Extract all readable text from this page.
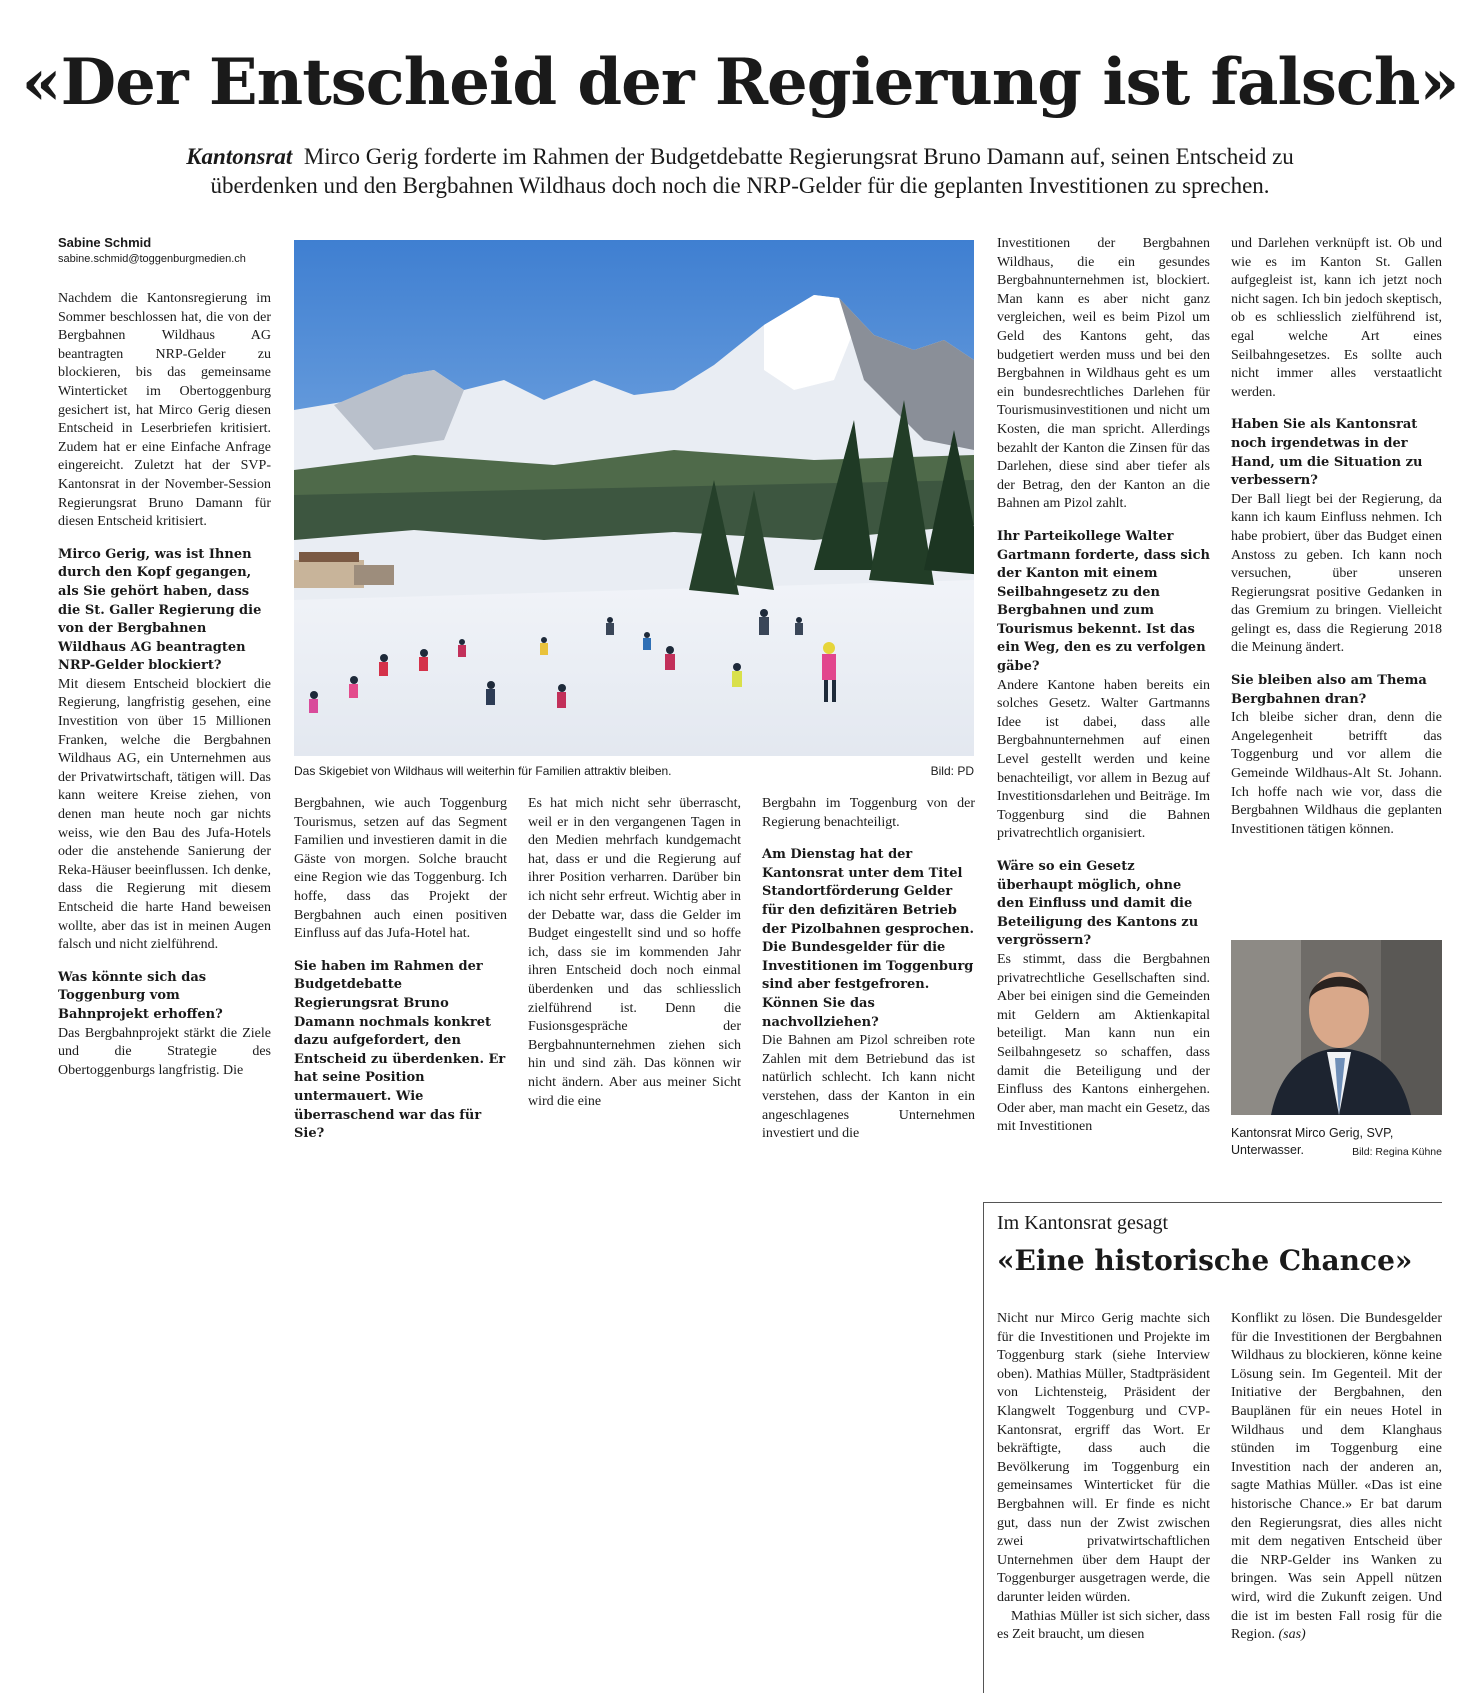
«Der Entscheid der Regierung ist falsch»

Kantonsrat Mirco Gerig forderte im Rahmen der Budgetdebatte Regierungsrat Bruno Damann auf, seinen Entscheid zu überdenken und den Bergbahnen Wildhaus doch noch die NRP-Gelder für die geplanten Investitionen zu sprechen.

Sabine Schmid
sabine.schmid@toggenburgmedien.ch

Nachdem die Kantonsregierung im Sommer beschlossen hat, die von der Bergbahnen Wildhaus AG beantragten NRP-Gelder zu blockieren, bis das gemeinsame Winterticket im Obertoggenburg gesichert ist, hat Mirco Gerig diesen Entscheid in Leserbriefen kritisiert. Zudem hat er eine Einfache Anfrage eingereicht. Zuletzt hat der SVP-Kantonsrat in der November-Session Regierungsrat Bruno Damann für diesen Entscheid kritisiert.

Mirco Gerig, was ist Ihnen durch den Kopf gegangen, als Sie gehört haben, dass die St. Galler Regierung die von der Bergbahnen Wildhaus AG beantragten NRP-Gelder blockiert?

Mit diesem Entscheid blockiert die Regierung, langfristig gesehen, eine Investition von über 15 Millionen Franken, welche die Bergbahnen Wildhaus AG, ein Unternehmen aus der Privatwirtschaft, tätigen will. Das kann weitere Kreise ziehen, von denen man heute noch gar nichts weiss, wie den Bau des Jufa-Hotels oder die anstehende Sanierung der Reka-Häuser beeinflussen. Ich denke, dass die Regierung mit diesem Entscheid die harte Hand beweisen wollte, aber das ist in meinen Augen falsch und nicht zielführend.

Was könnte sich das Toggenburg vom Bahnprojekt erhoffen?

Das Bergbahnprojekt stärkt die Ziele und die Strategie des Obertoggenburgs langfristig. Die

Das Skigebiet von Wildhaus will weiterhin für Familien attraktiv bleiben.	Bild: PD

Bergbahnen, wie auch Toggenburg Tourismus, setzen auf das Segment Familien und investieren damit in die Gäste von morgen. Solche braucht eine Region wie das Toggenburg. Ich hoffe, dass das Projekt der Bergbahnen auch einen positiven Einfluss auf das Jufa-Hotel hat.

Sie haben im Rahmen der Budgetdebatte Regierungsrat Bruno Damann nochmals konkret dazu aufgefordert, den Entscheid zu überdenken. Er hat seine Position untermauert. Wie überraschend war das für Sie?

Es hat mich nicht sehr überrascht, weil er in den vergangenen Tagen in den Medien mehrfach kundgemacht hat, dass er und die Regierung auf ihrer Position verharren. Darüber bin ich nicht sehr erfreut. Wichtig aber in der Debatte war, dass die Gelder im Budget eingestellt sind und so hoffe ich, dass sie im kommenden Jahr ihren Entscheid doch noch einmal überdenken und das schliesslich zielführend ist. Denn die Fusionsgespräche der Bergbahnunternehmen ziehen sich hin und sind zäh. Das können wir nicht ändern. Aber aus meiner Sicht wird die eine

Bergbahn im Toggenburg von der Regierung benachteiligt.

Am Dienstag hat der Kantonsrat unter dem Titel Standortförderung Gelder für den defizitären Betrieb der Pizolbahnen gesprochen. Die Bundesgelder für die Investitionen im Toggenburg sind aber festgefroren. Können Sie das nachvollziehen?

Die Bahnen am Pizol schreiben rote Zahlen mit dem Betriebund das ist natürlich schlecht. Ich kann nicht verstehen, dass der Kanton in ein angeschlagenes Unternehmen investiert und die

Investitionen der Bergbahnen Wildhaus, die ein gesundes Bergbahnunternehmen ist, blockiert. Man kann es aber nicht ganz vergleichen, weil es beim Pizol um Geld des Kantons geht, das budgetiert werden muss und bei den Bergbahnen in Wildhaus geht es um ein bundesrechtliches Darlehen für Tourismusinvestitionen und nicht um Kosten, die man spricht. Allerdings bezahlt der Kanton die Zinsen für das Darlehen, diese sind aber tiefer als der Betrag, den der Kanton an die Bahnen am Pizol zahlt.

Ihr Parteikollege Walter Gartmann forderte, dass sich der Kanton mit einem Seilbahngesetz zu den Bergbahnen und zum Tourismus bekennt. Ist das ein Weg, den es zu verfolgen gäbe?

Andere Kantone haben bereits ein solches Gesetz. Walter Gartmanns Idee ist dabei, dass alle Bergbahnunternehmen auf einen Level gestellt werden und keine benachteiligt, vor allem in Bezug auf Investitionsdarlehen und Beiträge. Im Toggenburg sind die Bahnen privatrechtlich organisiert.

Wäre so ein Gesetz überhaupt möglich, ohne den Einfluss und damit die Beteiligung des Kantons zu vergrössern?

Es stimmt, dass die Bergbahnen privatrechtliche Gesellschaften sind. Aber bei einigen sind die Gemeinden mit Geldern am Aktienkapital beteiligt. Man kann nun ein Seilbahngesetz so schaffen, dass damit die Beteiligung und der Einfluss des Kantons einhergehen. Oder aber, man macht ein Gesetz, das mit Investitionen

und Darlehen verknüpft ist. Ob und wie es im Kanton St. Gallen aufgegleist ist, kann ich jetzt noch nicht sagen. Ich bin jedoch skeptisch, ob es schliesslich zielführend ist, egal welche Art eines Seilbahngesetzes. Es sollte auch nicht immer alles verstaatlicht werden.

Haben Sie als Kantonsrat noch irgendetwas in der Hand, um die Situation zu verbessern?

Der Ball liegt bei der Regierung, da kann ich kaum Einfluss nehmen. Ich habe probiert, über das Budget einen Anstoss zu geben. Ich kann noch versuchen, über unseren Regierungsrat positive Gedanken in das Gremium zu bringen. Vielleicht gelingt es, dass die Regierung 2018 die Meinung ändert.

Sie bleiben also am Thema Bergbahnen dran?

Ich bleibe sicher dran, denn die Angelegenheit betrifft das Toggenburg und vor allem die Gemeinde Wildhaus-Alt St. Johann. Ich hoffe nach wie vor, dass die Bergbahnen Wildhaus die geplanten Investitionen tätigen können.

Kantonsrat Mirco Gerig, SVP, Unterwasser.	Bild: Regina Kühne
Im Kantonsrat gesagt
«Eine historische Chance»

Nicht nur Mirco Gerig machte sich für die Investitionen und Projekte im Toggenburg stark (siehe Interview oben). Mathias Müller, Stadtpräsident von Lichtensteig, Präsident der Klangwelt Toggenburg und CVP-Kantonsrat, ergriff das Wort. Er bekräftigte, dass auch die Bevölkerung im Toggenburg ein gemeinsames Winterticket für die Bergbahnen will. Er finde es nicht gut, dass nun der Zwist zwischen zwei privatwirtschaftlichen Unternehmen über dem Haupt der Toggenburger ausgetragen werde, die darunter leiden würden.

Mathias Müller ist sich sicher, dass es Zeit braucht, um diesen

Konflikt zu lösen. Die Bundesgelder für die Investitionen der Bergbahnen Wildhaus zu blockieren, könne keine Lösung sein. Im Gegenteil. Mit der Initiative der Bergbahnen, den Bauplänen für ein neues Hotel in Wildhaus und dem Klanghaus stünden im Toggenburg eine Investition nach der anderen an, sagte Mathias Müller. «Das ist eine historische Chance.» Er bat darum den Regierungsrat, dies alles nicht mit dem negativen Entscheid über die NRP-Gelder ins Wanken zu bringen. Was sein Appell nützen wird, wird die Zukunft zeigen. Und die ist im besten Fall rosig für die Region. (sas)
